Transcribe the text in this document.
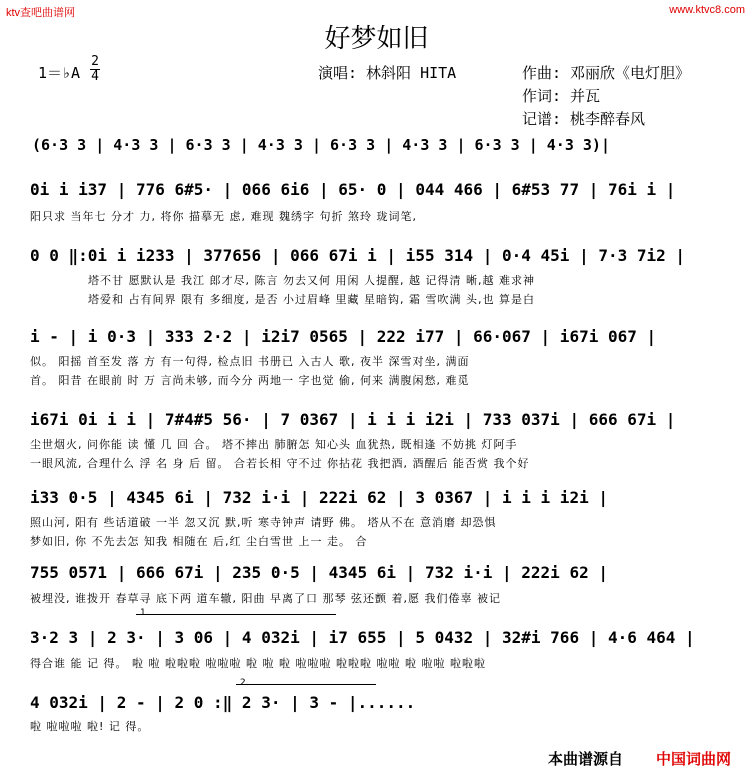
ktv查吧曲谱网	www.ktvc8.com
好梦如旧
1＝♭A
2
4	演唱: 林斜阳 HITA	作曲: 邓丽欣《电灯胆》
作词: 并瓦
记谱: 桃李醉春风
(6·3 3 | 4·3 3 | 6·3 3 | 4·3 3 | 6·3 3 | 4·3 3 | 6·3 3 | 4·3 3)|
0i i i37 | 776 6#5· | 066 6i6 | 65· 0 | 044 466 | 6#53 77 | 76i i |
阳只求 当年七 分才 力, 将你 描摹无 虑, 难现 魏绣字 句折 煞玲 珑词笔,
0 0 ‖:0i i i233 | 377656 | 066 67i i | i55 314 | 0·4 45i | 7·3 7i2 |
塔不甘 愿默认是 我江 郎才尽, 陈言 勿去又何 用闲 人提醒, 越 记得清 晰,越 难求神
塔爱和 占有间界 限有 多细度, 是否 小过眉峰 里藏 星暗钩, 霜 雪吹满 头,也 算是白
i - | i 0·3 | 333 2·2 | i2i7 0565 | 222 i77 | 66·067 | i67i 067 |
似。 阳摇 首至发 落 方 有一句得, 检点旧 书册已 入古人 歌, 夜半 深雪对坐, 满面
首。 阳昔 在眼前 时 万 言尚未够, 而今分 两地一 字也觉 偷, 何来 满腹闲愁, 难觅
i67i 0i i i | 7#4#5 56· | 7 0367 | i i i i2i | 733 037i | 666 67i |
尘世烟火, 问你能 读 懂 几 回 合。 塔不摔出 肺腑怎 知心头 血犹热, 既相逢 不妨挑 灯阿手
一眼风流, 合理什么 浮 名 身 后 留。 合若长相 守不过 你拈花 我把酒, 酒醒后 能否赏 我个好
i33 0·5 | 4345 6i | 732 i·i | 222i 62 | 3 0367 | i i i i2i |
照山河, 阳有 些话道破 一半 忽又沉 默,听 寒寺钟声 请野 佛。 塔从不在 意消磨 却恐惧
梦如旧, 你 不先去怎 知我 相随在 后,红 尘白雪世 上一 走。 合
755 0571 | 666 67i | 235 0·5 | 4345 6i | 732 i·i | 222i 62 |
被埋没, 谁拨开 春草寻 底下两 道车辙, 阳曲 早离了口 那琴 弦还颤 着,愿 我们倦辜 被记
1.
3·2 3 | 2 3· | 3 06 | 4 032i | i7 655 | 5 0432 | 32#i 766 | 4·6 464 |
得合谁 能 记 得。 啦 啦 啦啦啦 啦啦啦 啦 啦 啦 啦啦啦 啦啦啦 啦啦 啦 啦啦 啦啦啦
2.
4 032i | 2 - | 2 0 :‖ 2 3· | 3 - |......
啦 啦啦啦 啦! 记 得。
本曲谱源自 中国词曲网
